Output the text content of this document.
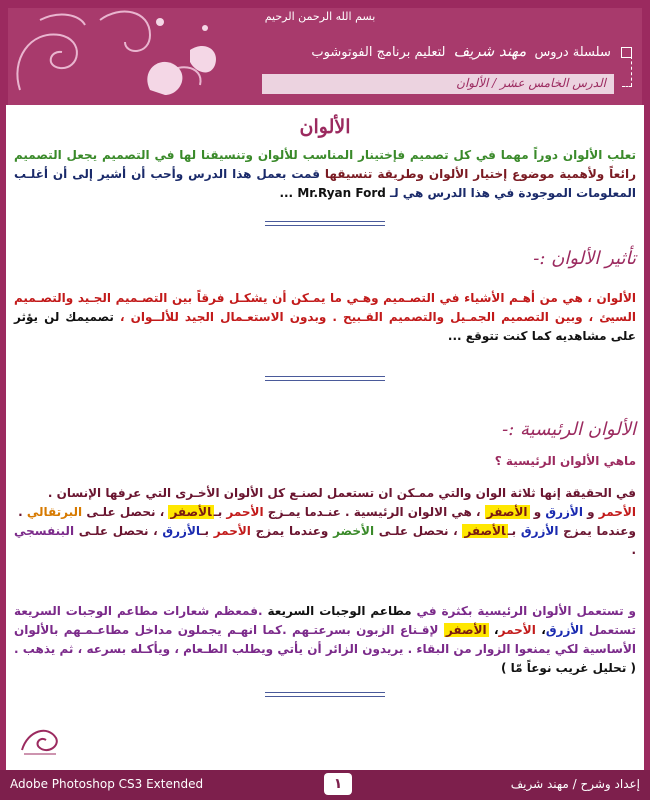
بسم الله الرحمن الرحيم
سلسلة دروس مهند شريف لتعليم برنامج الفوتوشوب
الدرس الخامس عشر / الألوان
الألوان

تعلب الألوان دوراً مهما في كل تصميم فإختينار المناسب للألوان وتنسيقنا لها في التصميم يجعل التصميم رائعاً ولأهمية موضوع إختيار الألوان وطريقة تنسيقها قمت بعمل هذا الدرس وأحب أن أشير إلى أن أغلـب المعلومات الموجودة في هذا الدرس هي لـ Mr.Ryan Ford ...

تأثير الألوان :-

الألوان ، هي من أهـم الأشياء في التصـميم وهـي ما يمـكن أن يشكـل فرقاً بين التصـميم الجـيد والتصـميم السيئ ، وبين التصميم الجمـيل والتصميم القـبيح . وبدون الاستعـمال الجيد للألــوان ، تصميمك لن يؤثر على مشاهديه كما كنت تتوقع ...

الألوان الرئيسية :-
ماهي الألوان الرئيسية ؟

في الحقيقة إنها ثلاثة الوان والتي ممـكن ان تستعمل لصنـع كل الألوان الأخـرى التي عرفها الإنسان .
الأحمر و الأزرق و الأصفر ، هي الالوان الرئيسية . عنـدما يمـزج الأحمر بـالأصفر ، نحصل علـى البرتقالي .
وعندما يمزج الأزرق بـالأصفر ، نحصل علـى الأخضر وعندما يمزج الأحمر بـالأزرق ، نحصل علـى البنفسجي .

و تستعمل الألوان الرئيسية بكثرة في مطاعم الوجبات السريعة .فمعظم شعارات مطاعم الوجبات السريعة تستعمل الأزرق، الأحمر، الأصفر لإقـناع الزبون بسرعتـهم .كما انهـم يجملون مداخل مطاعـمـهم بالألوان الأساسية لكي يمنعوا الزوار من البقاء . يريدون الزائر أن يأتي ويطلب الطـعام ، ويأكـله بسرعه ، ثم يذهب . ( تحليل غريب نوعاً مّا )

Adobe Photoshop CS3 Extended	١	إعداد وشرح / مهند شريف
